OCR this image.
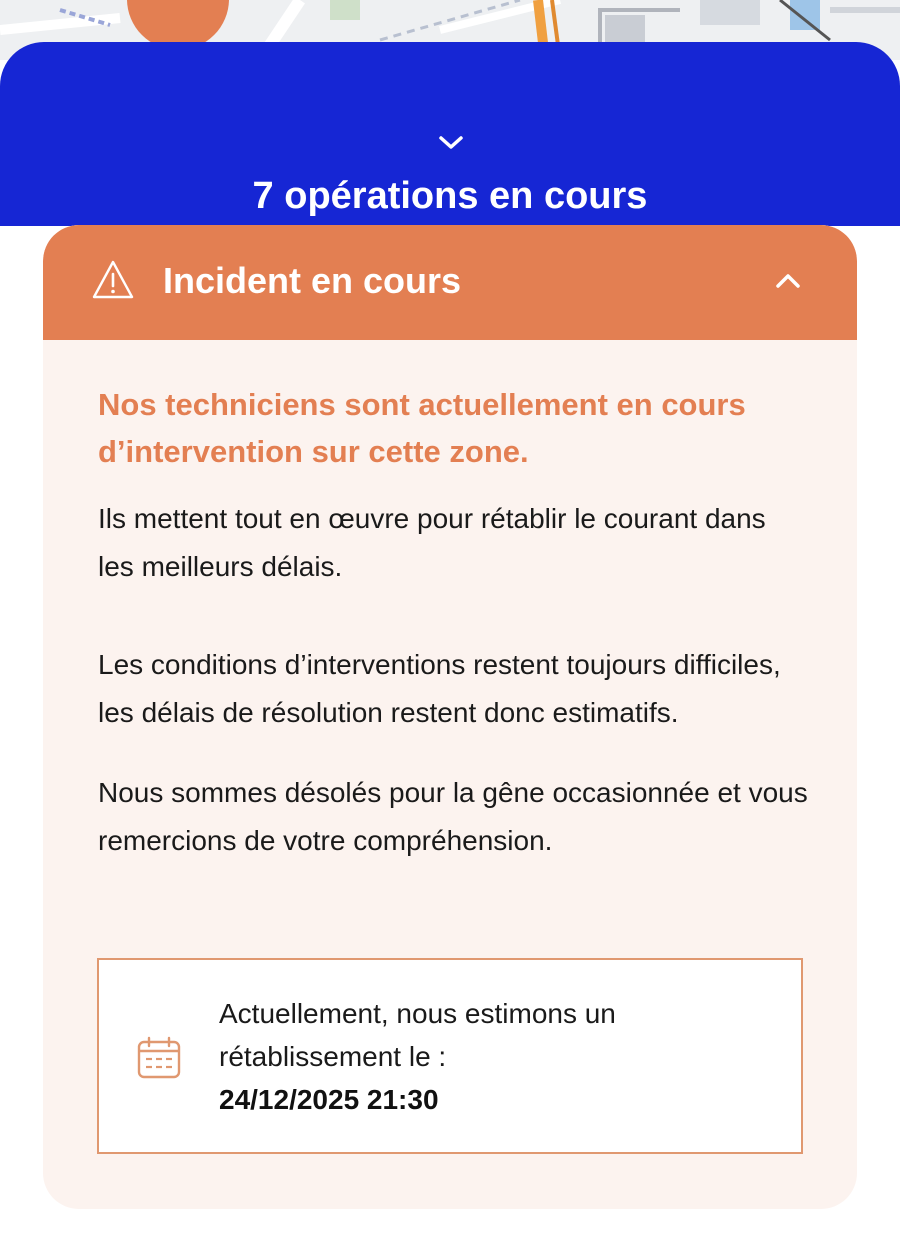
7 opérations en cours
Incident en cours
Nos techniciens sont actuellement en cours d’intervention sur cette zone.
Ils mettent tout en œuvre pour rétablir le courant dans les meilleurs délais.
Les conditions d’interventions restent toujours difficiles, les délais de résolution restent donc estimatifs.
Nous sommes désolés pour la gêne occasionnée et vous remercions de votre compréhension.
Actuellement, nous estimons un rétablissement le :
24/12/2025 21:30
